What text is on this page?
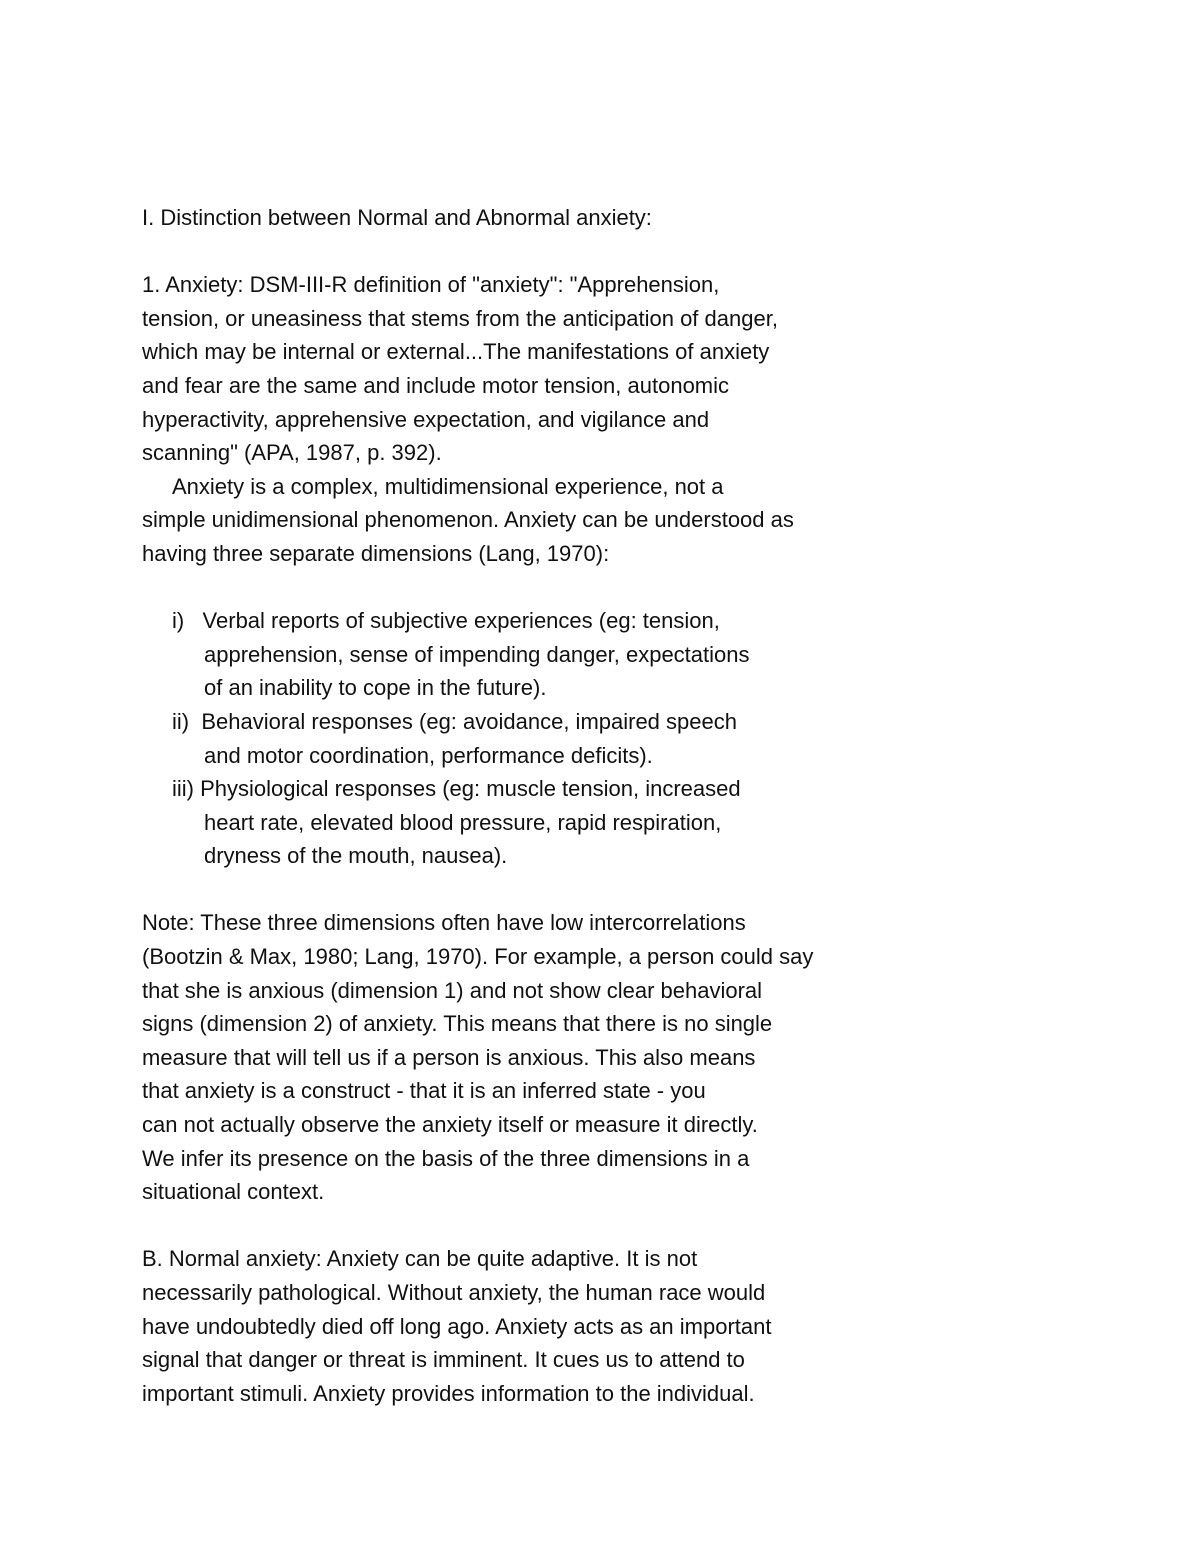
I. Distinction between Normal and Abnormal anxiety:
1. Anxiety: DSM-III-R definition of "anxiety": "Apprehension,
tension, or uneasiness that stems from the anticipation of danger,
which may be internal or external...The manifestations of anxiety
and fear are the same and include motor tension, autonomic
hyperactivity, apprehensive expectation, and vigilance and
scanning" (APA, 1987, p. 392).
Anxiety is a complex, multidimensional experience, not a
simple unidimensional phenomenon. Anxiety can be understood as
having three separate dimensions (Lang, 1970):
i)   Verbal reports of subjective experiences (eg: tension,
apprehension, sense of impending danger, expectations
of an inability to cope in the future).
ii)  Behavioral responses (eg: avoidance, impaired speech
and motor coordination, performance deficits).
iii) Physiological responses (eg: muscle tension, increased
heart rate, elevated blood pressure, rapid respiration,
dryness of the mouth, nausea).
Note: These three dimensions often have low intercorrelations
(Bootzin & Max, 1980; Lang, 1970). For example, a person could say
that she is anxious (dimension 1) and not show clear behavioral
signs (dimension 2) of anxiety. This means that there is no single
measure that will tell us if a person is anxious. This also means
that anxiety is a construct - that it is an inferred state - you
can not actually observe the anxiety itself or measure it directly.
We infer its presence on the basis of the three dimensions in a
situational context.
B. Normal anxiety: Anxiety can be quite adaptive. It is not
necessarily pathological. Without anxiety, the human race would
have undoubtedly died off long ago. Anxiety acts as an important
signal that danger or threat is imminent. It cues us to attend to
important stimuli. Anxiety provides information to the individual.
